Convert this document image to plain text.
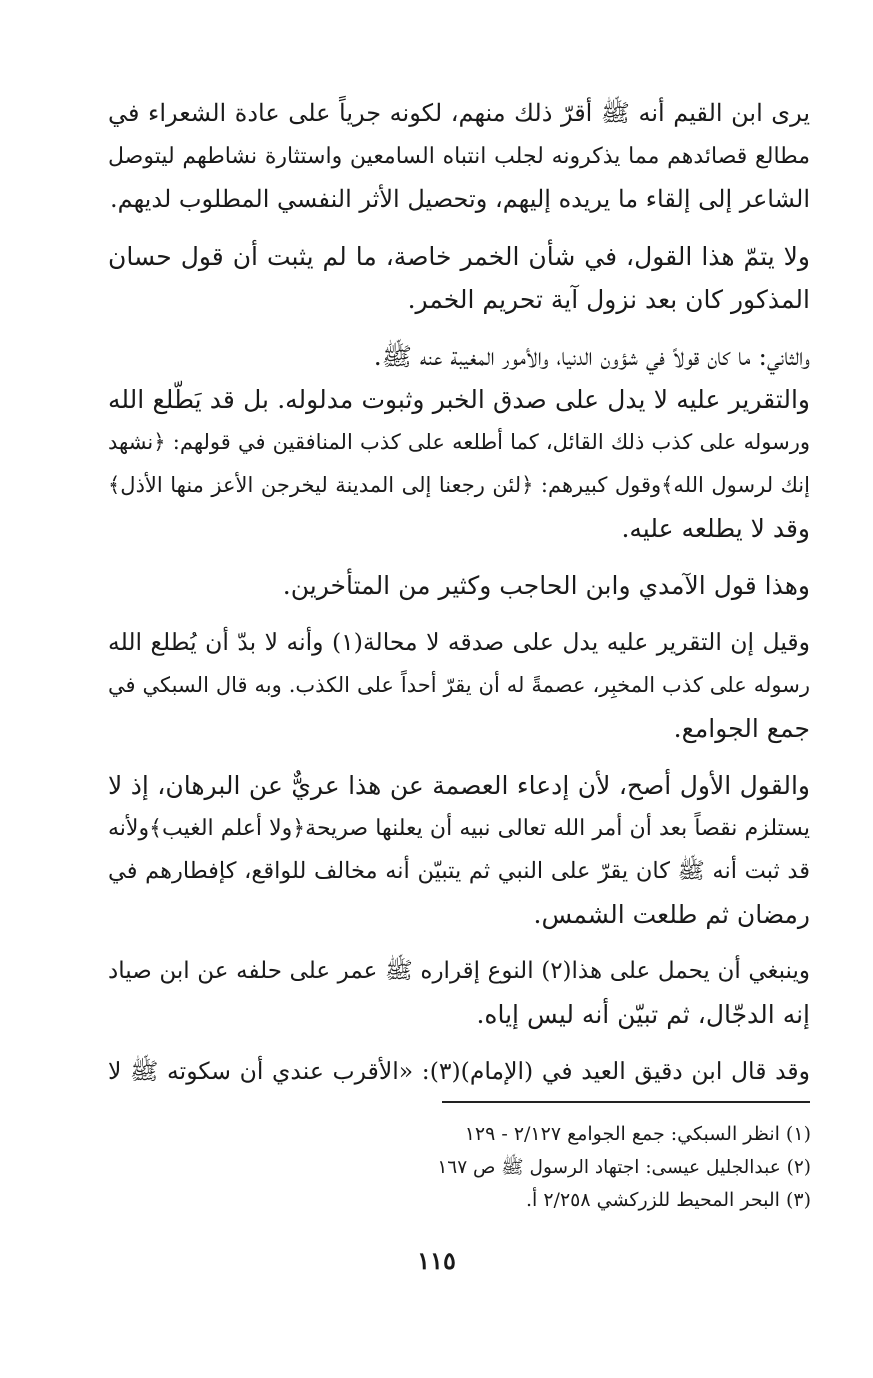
يرى ابن القيم أنه ﷺ أقرّ ذلك منهم، لكونه جرياً على عادة الشعراء في
مطالع قصائدهم مما يذكرونه لجلب انتباه السامعين واستثارة نشاطهم ليتوصل
الشاعر إلى إلقاء ما يريده إليهم، وتحصيل الأثر النفسي المطلوب لديهم.

ولا يتمّ هذا القول، في شأن الخمر خاصة، ما لم يثبت أن قول حسان
المذكور كان بعد نزول آية تحريم الخمر.

والثاني: ما كان قولاً في شؤون الدنيا، والأمور المغيبة عنه ﷺ.
والتقرير عليه لا يدل على صدق الخبر وثبوت مدلوله. بل قد يَطّلع الله
ورسوله على كذب ذلك القائل، كما أطلعه على كذب المنافقين في قولهم: ﴿نشهد
إنك لرسول الله﴾وقول كبيرهم: ﴿لئن رجعنا إلى المدينة ليخرجن الأعز منها الأذل﴾
وقد لا يطلعه عليه.

وهذا قول الآمدي وابن الحاجب وكثير من المتأخرين.

وقيل إن التقرير عليه يدل على صدقه لا محالة(١) وأنه لا بدّ أن يُطلع الله
رسوله على كذب المخبِر، عصمةً له أن يقرّ أحداً على الكذب. وبه قال السبكي في
جمع الجوامع.

والقول الأول أصح، لأن إدعاء العصمة عن هذا عريٌّ عن البرهان، إذ لا
يستلزم نقصاً بعد أن أمر الله تعالى نبيه أن يعلنها صريحة﴿ولا أعلم الغيب﴾ولأنه
قد ثبت أنه ﷺ كان يقرّ على النبي ثم يتبيّن أنه مخالف للواقع، كإفطارهم في
رمضان ثم طلعت الشمس.

وينبغي أن يحمل على هذا(٢) النوع إقراره ﷺ عمر على حلفه عن ابن صياد
إنه الدجّال، ثم تبيّن أنه ليس إياه.

وقد قال ابن دقيق العيد في (الإمام)(٣): «الأقرب عندي أن سكوته ﷺ لا

(١) انظر السبكي: جمع الجوامع ٢/١٢٧ - ١٢٩
(٢) عبدالجليل عيسى: اجتهاد الرسول ﷺ ص ١٦٧
(٣) البحر المحيط للزركشي ٢/٢٥٨ أ.
١١٥
